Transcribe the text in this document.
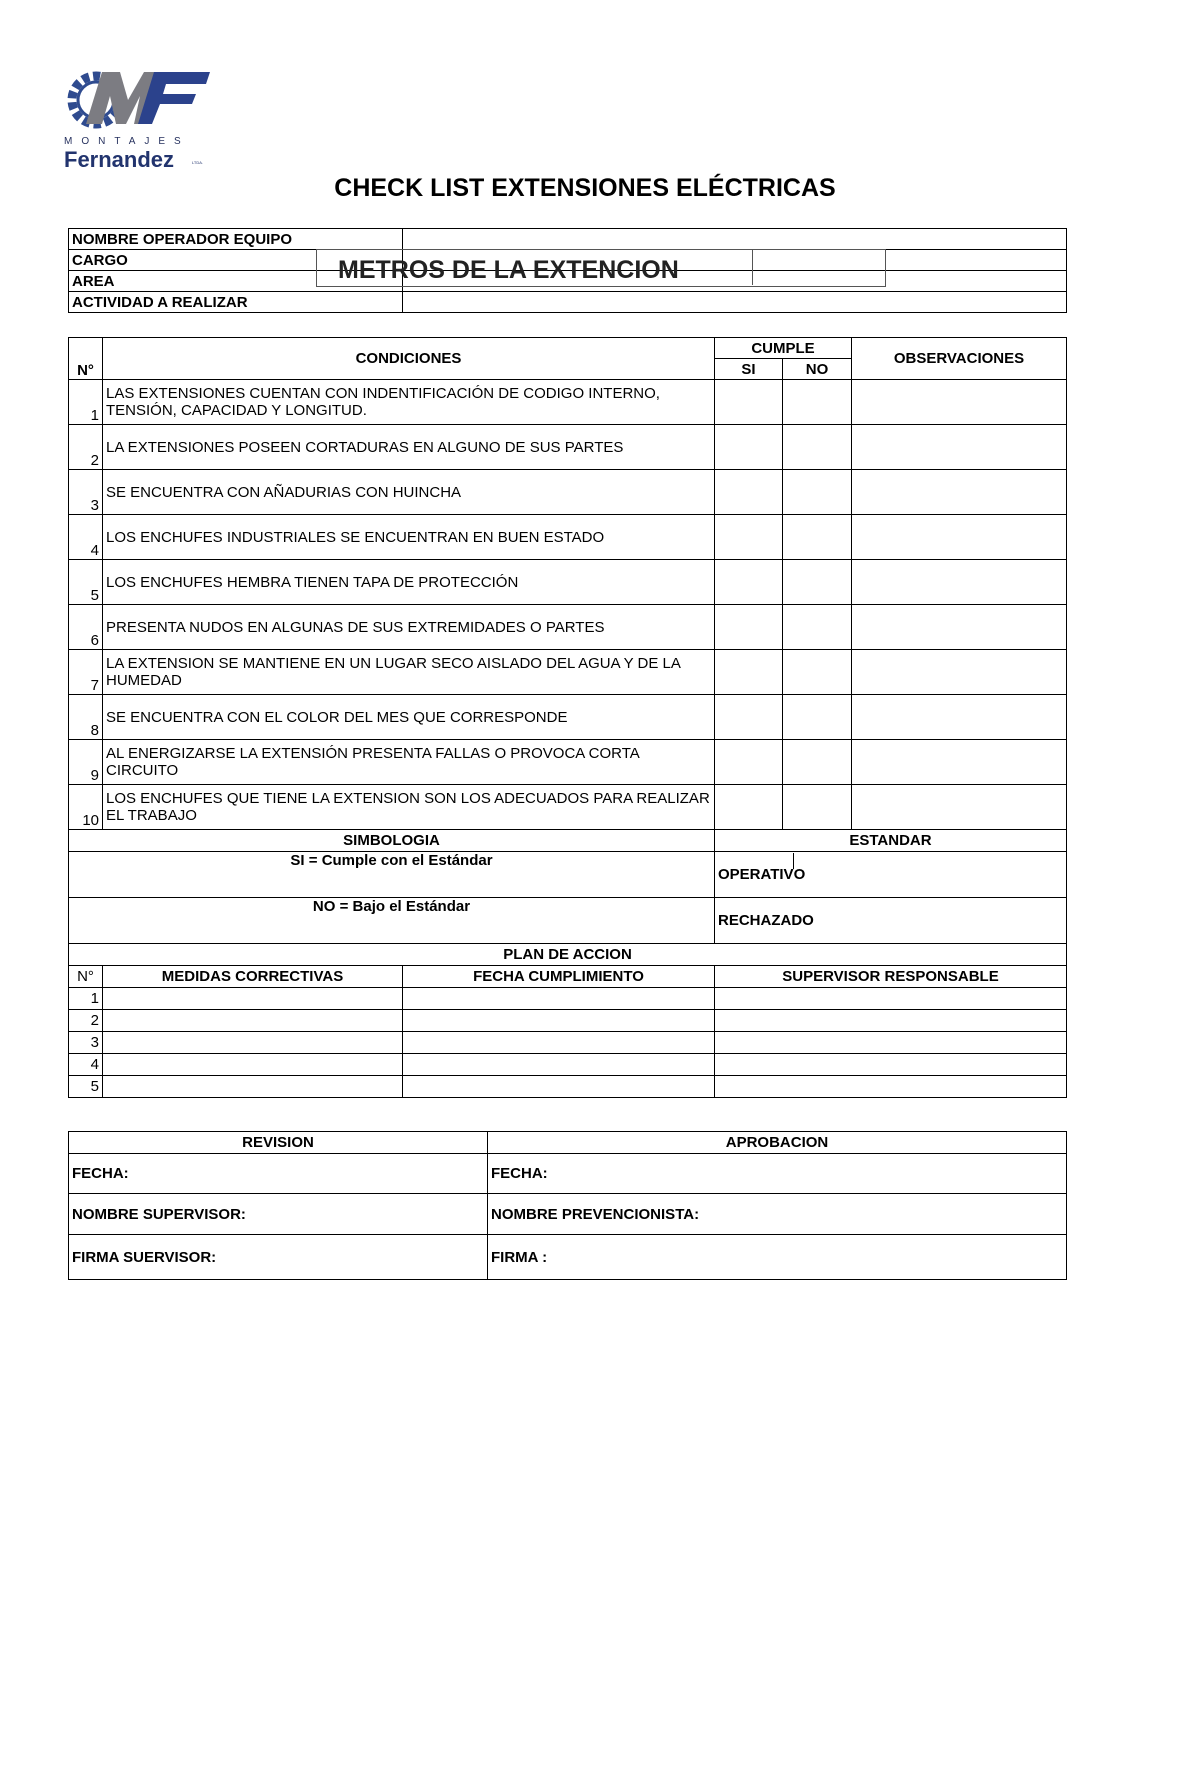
MONTAJES
Fernandez	LTDA.
CHECK LIST EXTENSIONES ELÉCTRICAS
NOMBRE OPERADOR EQUIPO	
CARGO	
AREA	
ACTIVIDAD A REALIZAR	
METROS DE LA EXTENCION
N°	CONDICIONES		CUMPLE		OBSERVACIONES
			SI	NO	
1	LAS EXTENSIONES CUENTAN CON INDENTIFICACIÓN DE CODIGO INTERNO, TENSIÓN, CAPACIDAD Y LONGITUD.				
2	LA EXTENSIONES POSEEN CORTADURAS EN ALGUNO DE SUS PARTES				
3	SE ENCUENTRA CON AÑADURIAS CON HUINCHA				
4	LOS ENCHUFES INDUSTRIALES SE ENCUENTRAN EN BUEN ESTADO				
5	LOS ENCHUFES HEMBRA TIENEN TAPA DE PROTECCIÓN				
6	PRESENTA NUDOS EN ALGUNAS DE SUS EXTREMIDADES O PARTES				
7	LA EXTENSION SE MANTIENE EN UN LUGAR SECO AISLADO DEL AGUA Y DE LA HUMEDAD				
8	SE ENCUENTRA CON EL COLOR DEL MES QUE CORRESPONDE				
9	AL ENERGIZARSE LA EXTENSIÓN PRESENTA FALLAS O PROVOCA CORTA CIRCUITO				
10	LOS ENCHUFES QUE TIENE LA EXTENSION SON LOS ADECUADOS PARA REALIZAR EL TRABAJO				
SIMBOLOGIA			ESTANDAR		
SI = Cumple con el Estándar			OPERATIVO		
NO = Bajo el Estándar			RECHAZADO		
PLAN DE ACCION					
N°	MEDIDAS CORRECTIVAS	FECHA CUMPLIMIENTO	SUPERVISOR RESPONSABLE		
1					
2					
3					
4					
5					
REVISION	APROBACION
FECHA:	FECHA:
NOMBRE SUPERVISOR:	NOMBRE PREVENCIONISTA:
FIRMA SUERVISOR:	FIRMA :
